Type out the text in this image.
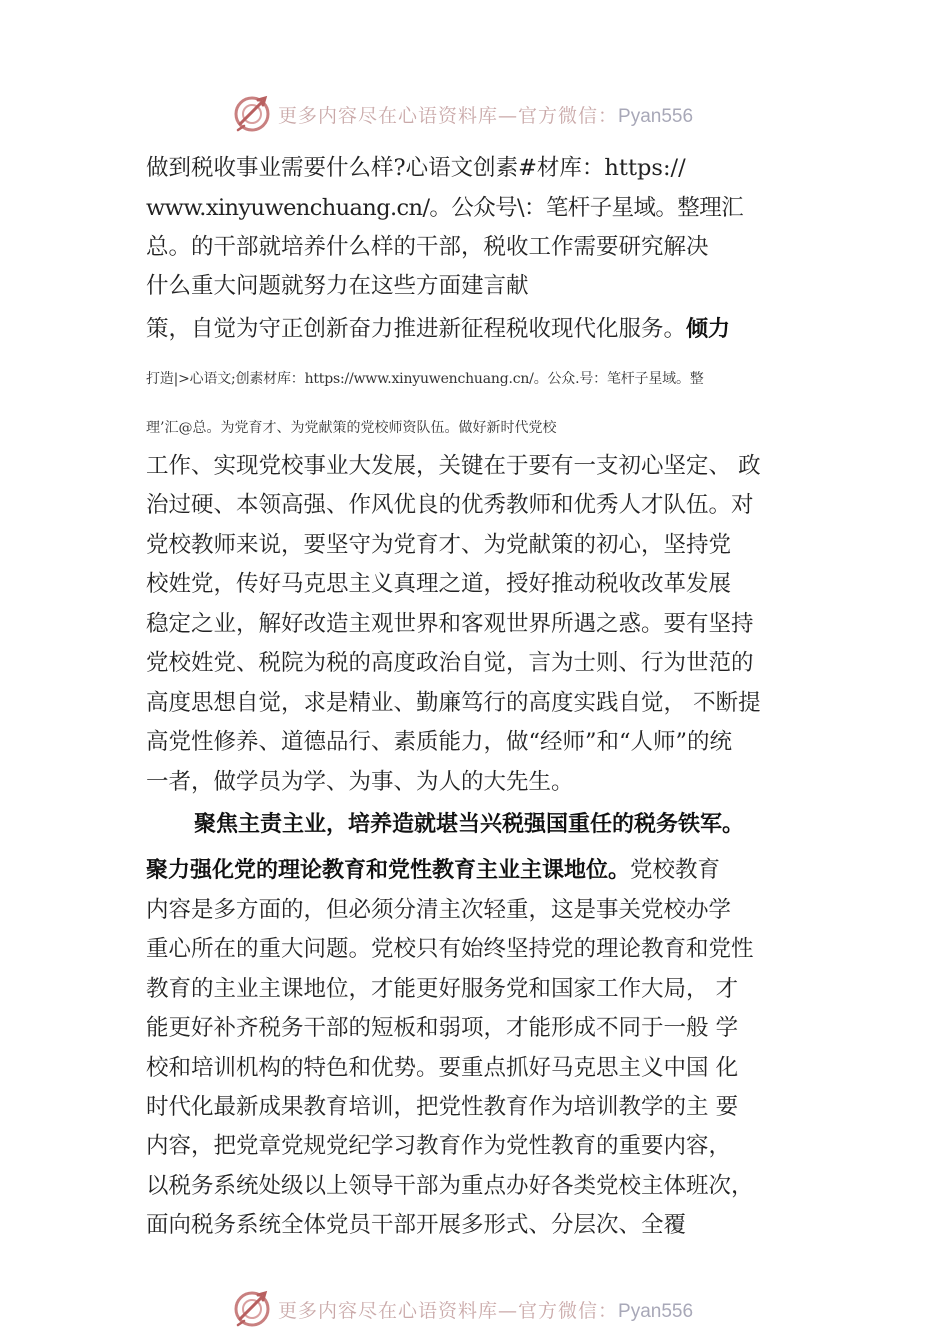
更多内容尽在心语资料库—官方微信：Pyan556
做到税收事业需要什么样?心语文创素#材库：https://
www.xinyuwenchuang.cn/。公众号\：笔杆子星域。整理汇
总。的干部就培养什么样的干部，税收工作需要研究解决
什么重大问题就努力在这些方面建言献
策，自觉为守正创新奋力推进新征程税收现代化服务。倾力
打造|>心语文;创素材库：https://www.xinyuwenchuang.cn/。公众.号：笔杆子星域。整
理’汇@总。为党育才、为党献策的党校师资队伍。做好新时代党校
工作、实现党校事业大发展，关键在于要有一支初心坚定、 政
治过硬、本领高强、作风优良的优秀教师和优秀人才队伍。对
党校教师来说，要坚守为党育才、为党献策的初心，坚持党
校姓党，传好马克思主义真理之道，授好推动税收改革发展
稳定之业，解好改造主观世界和客观世界所遇之惑。要有坚持
党校姓党、税院为税的高度政治自觉，言为士则、行为世范的
高度思想自觉，求是精业、勤廉笃行的高度实践自觉， 不断提
高党性修养、道德品行、素质能力，做“经师”和“人师”的统
一者，做学员为学、为事、为人的大先生。
聚焦主责主业，培养造就堪当兴税强国重任的税务铁军。
聚力强化党的理论教育和党性教育主业主课地位。党校教育
内容是多方面的，但必须分清主次轻重，这是事关党校办学
重心所在的重大问题。党校只有始终坚持党的理论教育和党性
教育的主业主课地位，才能更好服务党和国家工作大局， 才
能更好补齐税务干部的短板和弱项，才能形成不同于一般 学
校和培训机构的特色和优势。要重点抓好马克思主义中国 化
时代化最新成果教育培训，把党性教育作为培训教学的主 要
内容，把党章党规党纪学习教育作为党性教育的重要内容，
以税务系统处级以上领导干部为重点办好各类党校主体班次，
面向税务系统全体党员干部开展多形式、分层次、全覆
更多内容尽在心语资料库—官方微信：Pyan556
